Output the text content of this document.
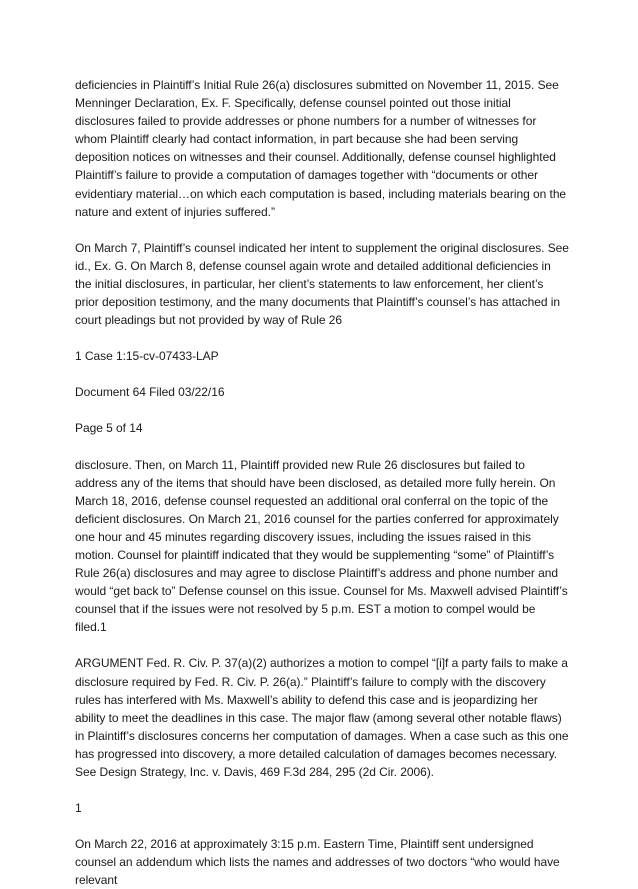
deficiencies in Plaintiff’s Initial Rule 26(a) disclosures submitted on November 11, 2015. See Menninger Declaration, Ex. F. Specifically, defense counsel pointed out those initial disclosures failed to provide addresses or phone numbers for a number of witnesses for whom Plaintiff clearly had contact information, in part because she had been serving deposition notices on witnesses and their counsel. Additionally, defense counsel highlighted Plaintiff’s failure to provide a computation of damages together with “documents or other evidentiary material…on which each computation is based, including materials bearing on the nature and extent of injuries suffered.”

On March 7, Plaintiff’s counsel indicated her intent to supplement the original disclosures. See id., Ex. G. On March 8, defense counsel again wrote and detailed additional deficiencies in the initial disclosures, in particular, her client’s statements to law enforcement, her client’s prior deposition testimony, and the many documents that Plaintiff’s counsel’s has attached in court pleadings but not provided by way of Rule 26

1 Case 1:15-cv-07433-LAP

Document 64 Filed 03/22/16

Page 5 of 14

disclosure. Then, on March 11, Plaintiff provided new Rule 26 disclosures but failed to address any of the items that should have been disclosed, as detailed more fully herein. On March 18, 2016, defense counsel requested an additional oral conferral on the topic of the deficient disclosures. On March 21, 2016 counsel for the parties conferred for approximately one hour and 45 minutes regarding discovery issues, including the issues raised in this motion. Counsel for plaintiff indicated that they would be supplementing “some” of Plaintiff’s Rule 26(a) disclosures and may agree to disclose Plaintiff’s address and phone number and would “get back to” Defense counsel on this issue. Counsel for Ms. Maxwell advised Plaintiff’s counsel that if the issues were not resolved by 5 p.m. EST a motion to compel would be filed.1

ARGUMENT Fed. R. Civ. P. 37(a)(2) authorizes a motion to compel “[i]f a party fails to make a disclosure required by Fed. R. Civ. P. 26(a).” Plaintiff’s failure to comply with the discovery rules has interfered with Ms. Maxwell’s ability to defend this case and is jeopardizing her ability to meet the deadlines in this case. The major flaw (among several other notable flaws) in Plaintiff’s disclosures concerns her computation of damages. When a case such as this one has progressed into discovery, a more detailed calculation of damages becomes necessary. See Design Strategy, Inc. v. Davis, 469 F.3d 284, 295 (2d Cir. 2006).

1

On March 22, 2016 at approximately 3:15 p.m. Eastern Time, Plaintiff sent undersigned counsel an addendum which lists the names and addresses of two doctors “who would have relevant
